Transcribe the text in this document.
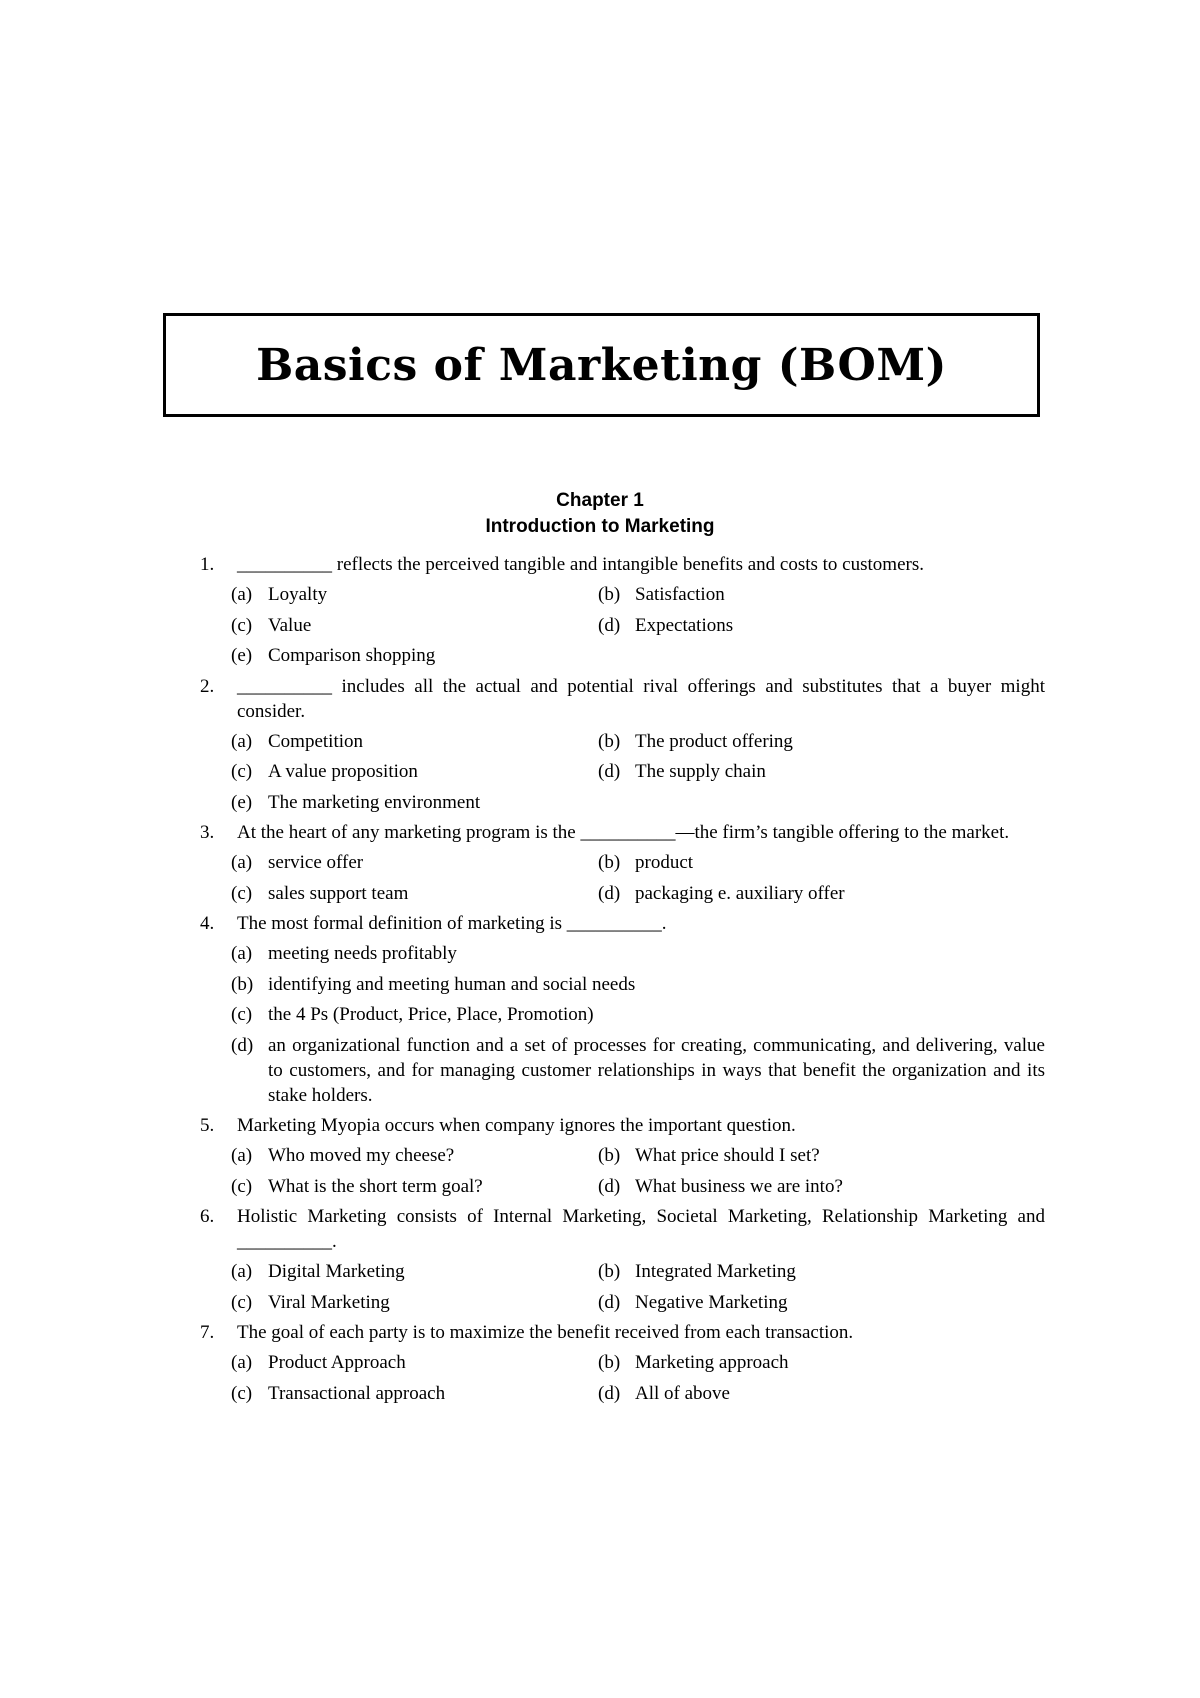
Basics of Marketing (BOM)
Chapter 1
Introduction to Marketing
1.	__________ reflects the perceived tangible and intangible benefits and costs to customers.
(a) Loyalty	(b) Satisfaction
(c) Value	(d) Expectations
(e) Comparison shopping
2.	__________ includes all the actual and potential rival offerings and substitutes that a buyer might consider.
(a) Competition	(b) The product offering
(c) A value proposition	(d) The supply chain
(e) The marketing environment
3.	At the heart of any marketing program is the __________—the firm’s tangible offering to the market.
(a) service offer	(b) product
(c) sales support team	(d) packaging e. auxiliary offer
4.	The most formal definition of marketing is __________.
(a) meeting needs profitably
(b) identifying and meeting human and social needs
(c) the 4 Ps (Product, Price, Place, Promotion)
(d) an organizational function and a set of processes for creating, communicating, and delivering, value to customers, and for managing customer relationships in ways that benefit the organization and its stake holders.
5.	Marketing Myopia occurs when company ignores the important question.
(a) Who moved my cheese?	(b) What price should I set?
(c) What is the short term goal?	(d) What business we are into?
6.	Holistic Marketing consists of Internal Marketing, Societal Marketing, Relationship Marketing and __________.
(a) Digital Marketing	(b) Integrated Marketing
(c) Viral Marketing	(d) Negative Marketing
7.	The goal of each party is to maximize the benefit received from each transaction.
(a) Product Approach	(b) Marketing approach
(c) Transactional approach	(d) All of above
